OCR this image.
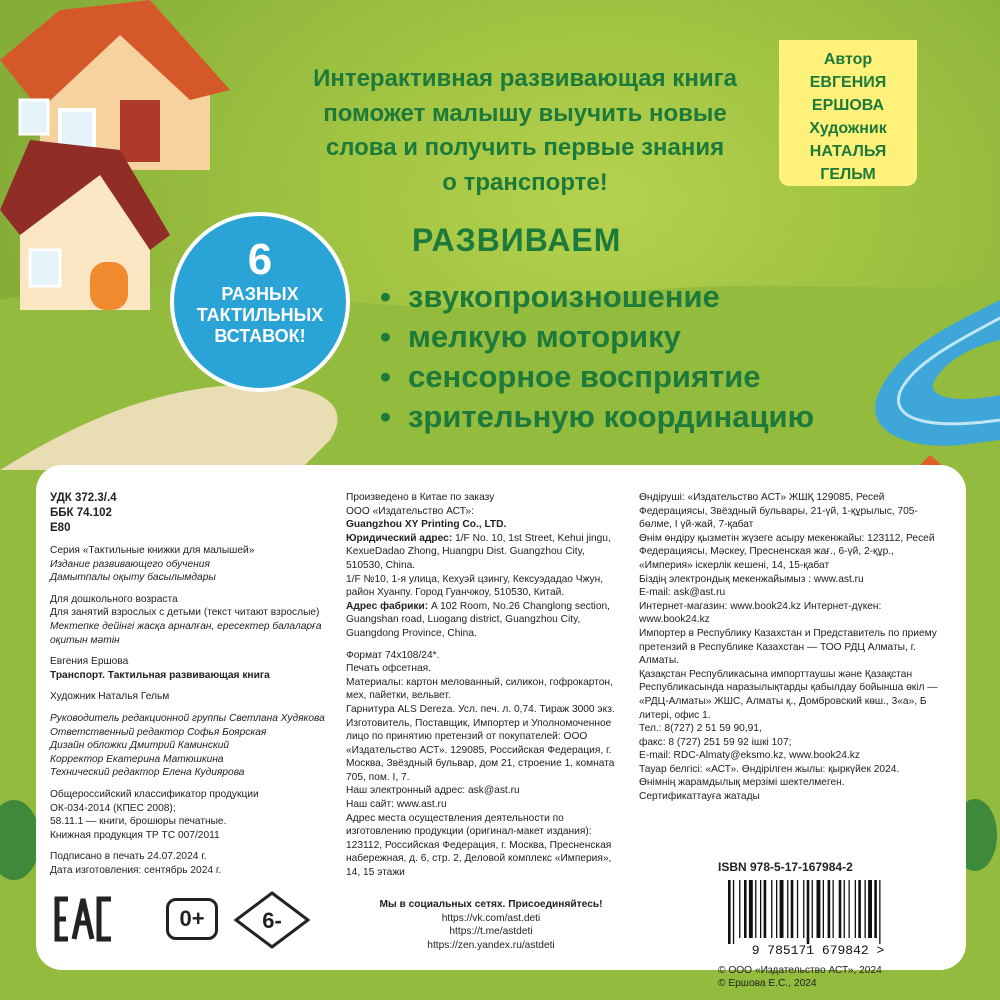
Интерактивная развивающая книга
поможет малышу выучить новые
слова и получить первые знания
о транспорте!
Автор
ЕВГЕНИЯ
ЕРШОВА
Художник
НАТАЛЬЯ
ГЕЛЬМ
6
РАЗНЫХ
ТАКТИЛЬНЫХ
ВСТАВОК!
РАЗВИВАЕМ
• звукопроизношение
• мелкую моторику
• сенсорное восприятие
• зрительную координацию

УДК 372.3/.4

ББК 74.102

Е80

Серия «Тактильные книжки для малышей»

Издание развивающего обучения

Дамытпалы оқыту басылымдары

Для дошкольного возраста

Для занятий взрослых с детьми (текст читают взрослые)

Мектепке дейінгі жасқа арналған, ересектер балаларға оқитын мәтін

Евгения Ершова

Транспорт. Тактильная развивающая книга

Художник Наталья Гельм

Руководитель редакционной группы Светлана Худякова

Ответственный редактор Софья Боярская

Дизайн обложки Дмитрий Каминский

Корректор Екатерина Матюшкина

Технический редактор Елена Кудиярова

Общероссийский классификатор продукции

ОК-034-2014 (КПЕС 2008);

58.11.1 — книги, брошюры печатные.

Книжная продукция ТР ТС 007/2011

Подписано в печать 24.07.2024 г.

Дата изготовления: сентябрь 2024 г.

Произведено в Китае по заказу

ООО «Издательство АСТ»:

Guangzhou XY Printing Co., LTD.

Юридический адрес: 1/F No. 10, 1st Street, Kehui jingu, KexueDadao Zhong, Huangpu Dist. Guangzhou City, 510530, China.

1/F №10, 1-я улица, Кехуэй цзингу, Кексуэдадао Чжун, район Хуанпу. Город Гуанчжоу, 510530, Китай.

Адрес фабрики: A 102 Room, No.26 Changlong section, Guangshan road, Luogang district, Guangzhou City, Guangdong Province, China.

Формат 74x108/24*.

Печать офсетная.

Материалы: картон мелованный, силикон, гофрокартон, мех, пайетки, вельвет.

Гарнитура ALS Dereza. Усл. печ. л. 0,74. Тираж 3000 экз.

Изготовитель, Поставщик, Импортер и Уполномоченное лицо по принятию претензий от покупателей: ООО «Издательство АСТ». 129085, Российская Федерация, г. Москва, Звёздный бульвар, дом 21, строение 1, комната 705, пом. I, 7.

Наш электронный адрес: ask@ast.ru

Наш сайт: www.ast.ru

Адрес места осуществления деятельности по изготовлению продукции (оригинал-макет издания): 123112, Российская Федерация, г. Москва, Пресненская набережная, д. 6, стр. 2, Деловой комплекс «Империя», 14, 15 этажи

Өндіруші: «Издательство АСТ» ЖШҚ 129085, Ресей Федерациясы, Звёздный бульвары, 21-үй, 1-құрылыс, 705-бөлме, I үй-жай, 7-қабат

Өнім өндіру қызметін жүзеге асыру мекенжайы: 123112, Ресей Федерациясы, Мәскеу, Пресненская жағ., 6-үй, 2-құр., «Империя» іскерлік кешені, 14, 15-қабат

Біздің электрондық мекенжайымыз : www.ast.ru

E-mail: ask@ast.ru

Интернет-магазин: www.book24.kz Интернет-дүкен: www.book24.kz

Импортер в Республику Казахстан и Представитель по приему претензий в Республике Казахстан — ТОО РДЦ Алматы, г. Алматы.

Қазақстан Республикасына импорттаушы және Қазақстан Республикасында наразылықтарды қабылдау бойынша өкіл — «РДЦ-Алматы» ЖШС, Алматы қ., Домбровский көш., 3«а», Б литері, офис 1.

Тел.: 8(727) 2 51 59 90,91,

факс: 8 (727) 251 59 92 ішкі 107;

E-mail: RDC-Almaty@eksmo.kz, www.book24.kz

Тауар белгісі: «АСТ». Өндірілген жылы: қыркүйек 2024.

Өнімнің жарамдылық мерзімі шектелмеген.

Сертификаттауға жатады

0+	6-

Мы в социальных сетях. Присоединяйтесь!

https://vk.com/ast.deti

https://t.me/astdeti

https://zen.yandex.ru/astdeti

ISBN 978-5-17-167984-2
9 785171 679842 >

© ООО «Издательство АСТ», 2024

© Ершова Е.С., 2024
